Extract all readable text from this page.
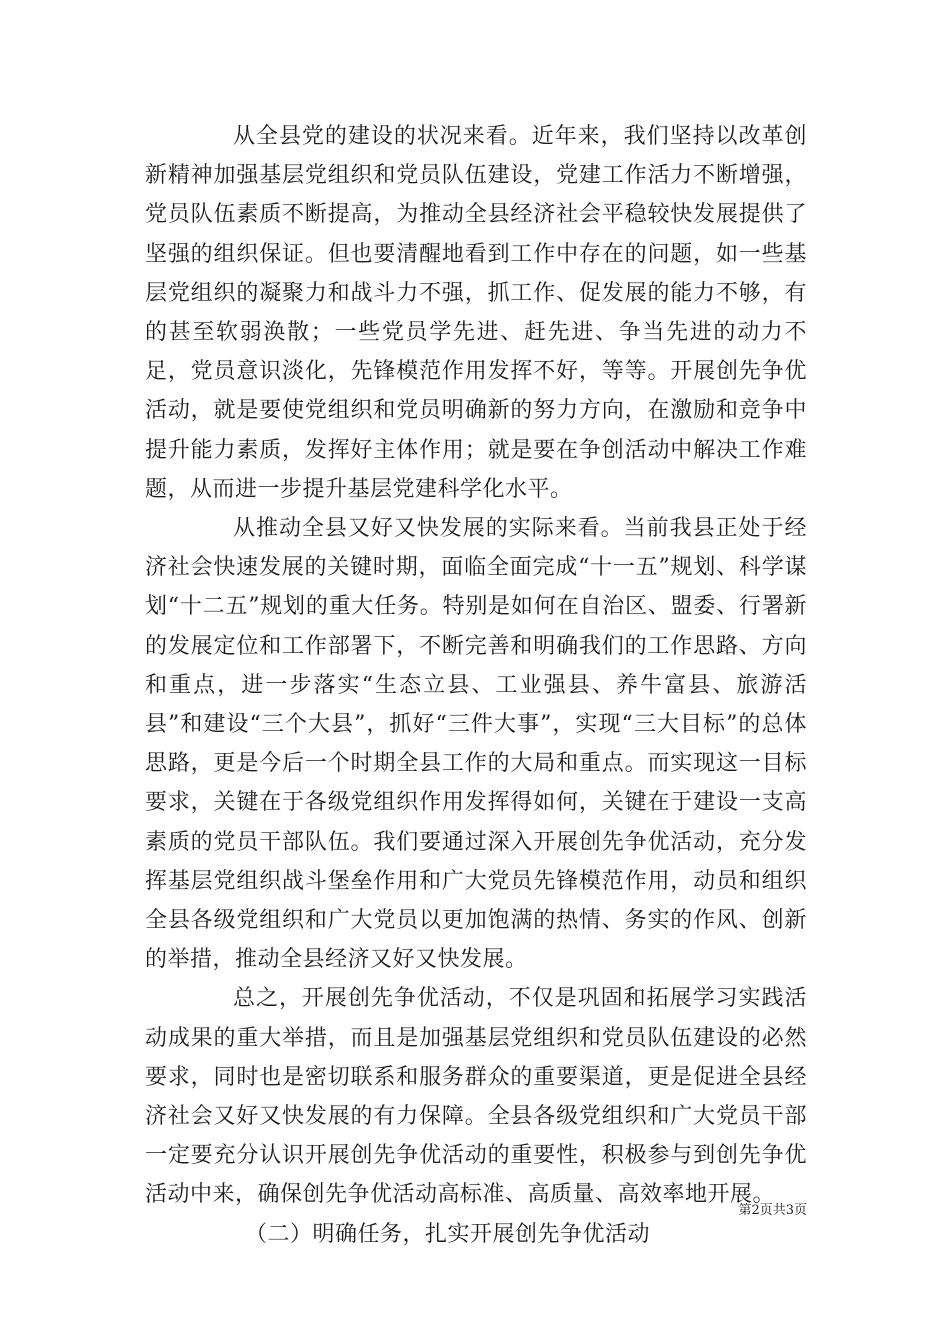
从全县党的建设的状况来看。近年来，我们坚持以改革创新精神加强基层党组织和党员队伍建设，党建工作活力不断增强，党员队伍素质不断提高，为推动全县经济社会平稳较快发展提供了坚强的组织保证。但也要清醒地看到工作中存在的问题，如一些基层党组织的凝聚力和战斗力不强，抓工作、促发展的能力不够，有的甚至软弱涣散；一些党员学先进、赶先进、争当先进的动力不足，党员意识淡化，先锋模范作用发挥不好，等等。开展创先争优活动，就是要使党组织和党员明确新的努力方向，在激励和竞争中提升能力素质，发挥好主体作用；就是要在争创活动中解决工作难题，从而进一步提升基层党建科学化水平。

从推动全县又好又快发展的实际来看。当前我县正处于经济社会快速发展的关键时期，面临全面完成“十一五”规划、科学谋划“十二五”规划的重大任务。特别是如何在自治区、盟委、行署新的发展定位和工作部署下，不断完善和明确我们的工作思路、方向和重点，进一步落实“生态立县、工业强县、养牛富县、旅游活县”和建设“三个大县”，抓好“三件大事”，实现“三大目标”的总体思路，更是今后一个时期全县工作的大局和重点。而实现这一目标要求，关键在于各级党组织作用发挥得如何，关键在于建设一支高素质的党员干部队伍。我们要通过深入开展创先争优活动，充分发挥基层党组织战斗堡垒作用和广大党员先锋模范作用，动员和组织全县各级党组织和广大党员以更加饱满的热情、务实的作风、创新的举措，推动全县经济又好又快发展。

总之，开展创先争优活动，不仅是巩固和拓展学习实践活动成果的重大举措，而且是加强基层党组织和党员队伍建设的必然要求，同时也是密切联系和服务群众的重要渠道，更是促进全县经济社会又好又快发展的有力保障。全县各级党组织和广大党员干部一定要充分认识开展创先争优活动的重要性，积极参与到创先争优活动中来，确保创先争优活动高标准、高质量、高效率地开展。

（二）明确任务，扎实开展创先争优活动

第2页共3页
